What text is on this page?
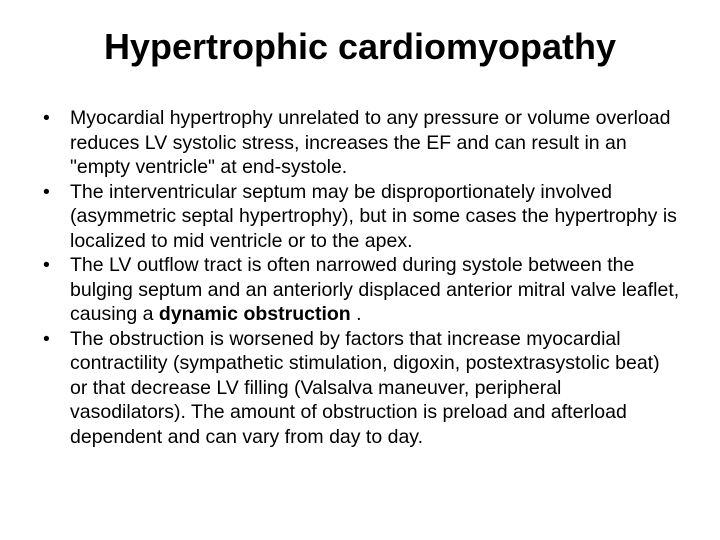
Hypertrophic cardiomyopathy
•	Myocardial hypertrophy unrelated to any pressure or volume overload reduces LV systolic stress, increases the EF and can result in an "empty ventricle" at end-systole.
•	The interventricular septum may be disproportionately involved (asymmetric septal hypertrophy), but in some cases the hypertrophy is localized to mid ventricle or to the apex.
•	The LV outflow tract is often narrowed during systole between the bulging septum and an anteriorly displaced anterior mitral valve leaflet, causing a dynamic obstruction .
•	The obstruction is worsened by factors that increase myocardial contractility (sympathetic stimulation, digoxin, postextrasystolic beat) or that decrease LV filling (Valsalva maneuver, peripheral vasodilators). The amount of obstruction is preload and afterload dependent and can vary from day to day.
